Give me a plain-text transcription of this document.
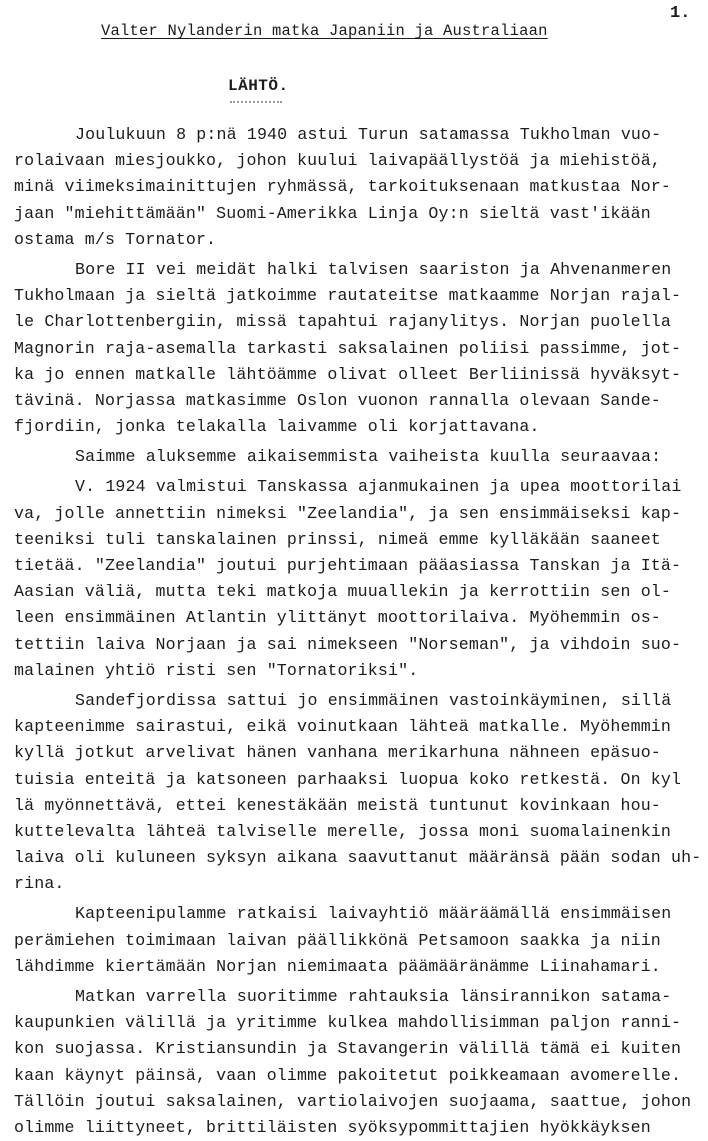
1.
Valter Nylanderin matka Japaniin ja Australiaan
LÄHTÖ.
Joulukuun 8 p:nä 1940 astui Turun satamassa Tukholman vuo-
rolaivaan miesjoukko, johon kuului laivapäällystöä ja miehistöä,
minä viimeksimainittujen ryhmässä, tarkoituksenaan matkustaa Nor-
jaan "miehittämään" Suomi-Amerikka Linja Oy:n sieltä vast'ikään
ostama m/s Tornator.
Bore II vei meidät halki talvisen saariston ja Ahvenanmeren
Tukholmaan ja sieltä jatkoimme rautateitse matkaamme Norjan rajal-
le Charlottenbergiin, missä tapahtui rajanylitys. Norjan puolella
Magnorin raja-asemalla tarkasti saksalainen poliisi passimme, jot-
ka jo ennen matkalle lähtöämme olivat olleet Berliinissä hyväksyt-
tävinä. Norjassa matkasimme Oslon vuonon rannalla olevaan Sande-
fjordiin, jonka telakalla laivamme oli korjattavana.
Saimme aluksemme aikaisemmista vaiheista kuulla seuraavaa:
V. 1924 valmistui Tanskassa ajanmukainen ja upea moottorilai
va, jolle annettiin nimeksi "Zeelandia", ja sen ensimmäiseksi kap-
teeniksi tuli tanskalainen prinssi, nimeä emme kylläkään saaneet
tietää. "Zeelandia" joutui purjehtimaan pääasiassa Tanskan ja Itä-
Aasian väliä, mutta teki matkoja muuallekin ja kerrottiin sen ol-
leen ensimmäinen Atlantin ylittänyt moottorilaiva. Myöhemmin os-
tettiin laiva Norjaan ja sai nimekseen "Norseman", ja vihdoin suo-
malainen yhtiö risti sen "Tornatoriksi".
Sandefjordissa sattui jo ensimmäinen vastoinkäyminen, sillä
kapteenimme sairastui, eikä voinutkaan lähteä matkalle. Myöhemmin
kyllä jotkut arvelivat hänen vanhana merikarhuna nähneen epäsuo-
tuisia enteitä ja katsoneen parhaaksi luopua koko retkestä. On kyl
lä myönnettävä, ettei kenestäkään meistä tuntunut kovinkaan hou-
kuttelevalta lähteä talviselle merelle, jossa moni suomalainenkin
laiva oli kuluneen syksyn aikana saavuttanut määränsä pään sodan uh-
rina.
Kapteenipulamme ratkaisi laivayhtiö määräämällä ensimmäisen
perämiehen toimimaan laivan päällikkönä Petsamoon saakka ja niin
lähdimme kiertämään Norjan niemimaata päämääränämme Liinahamari.
Matkan varrella suoritimme rahtauksia länsirannikon satama-
kaupunkien välillä ja yritimme kulkea mahdollisimman paljon ranni-
kon suojassa. Kristiansundin ja Stavangerin välillä tämä ei kuiten
kaan käynyt päinsä, vaan olimme pakoitetut poikkeamaan avomerelle.
Tällöin joutui saksalainen, vartiolaivojen suojaama, saattue, johon
olimme liittyneet, brittiläisten syöksypommittajien hyökkäyksen
